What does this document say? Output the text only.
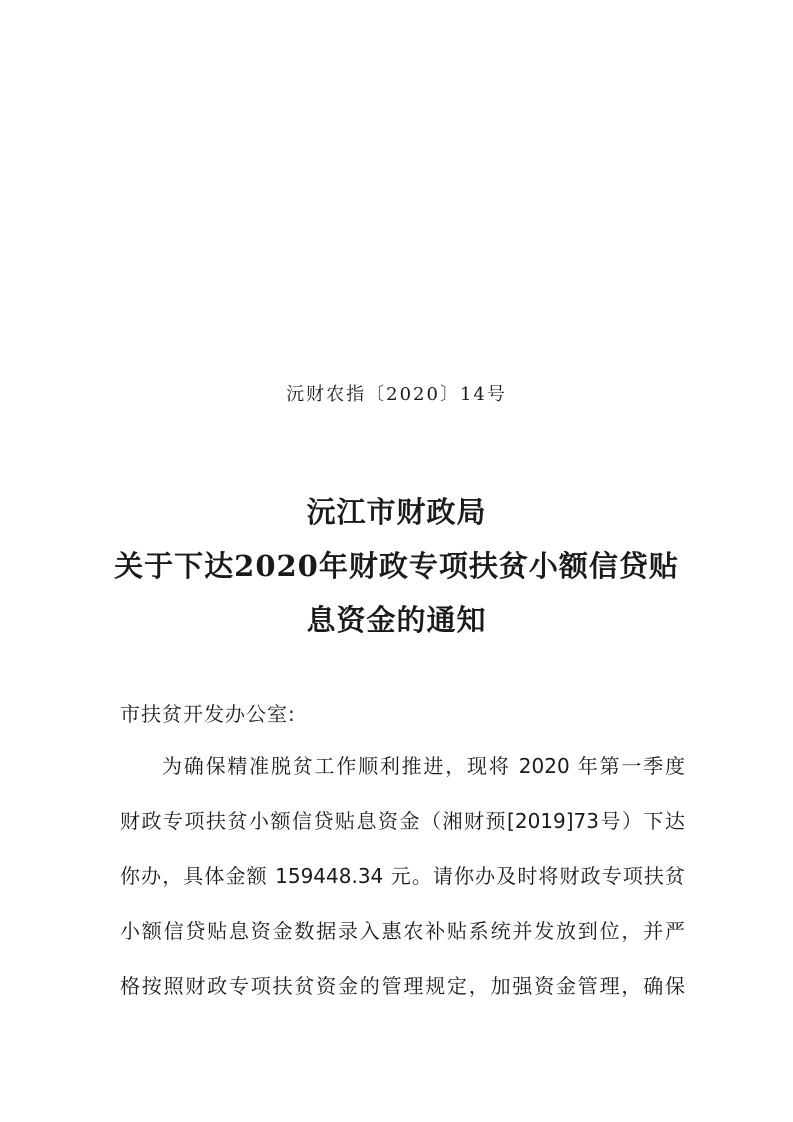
沅财农指〔2020〕14号
沅江市财政局
关于下达2020年财政专项扶贫小额信贷贴
息资金的通知
市扶贫开发办公室:
为确保精准脱贫工作顺利推进，现将 2020 年第一季度
财政专项扶贫小额信贷贴息资金（湘财预[2019]73号）下达
你办，具体金额 159448.34 元。请你办及时将财政专项扶贫
小额信贷贴息资金数据录入惠农补贴系统并发放到位，并严
格按照财政专项扶贫资金的管理规定，加强资金管理，确保
